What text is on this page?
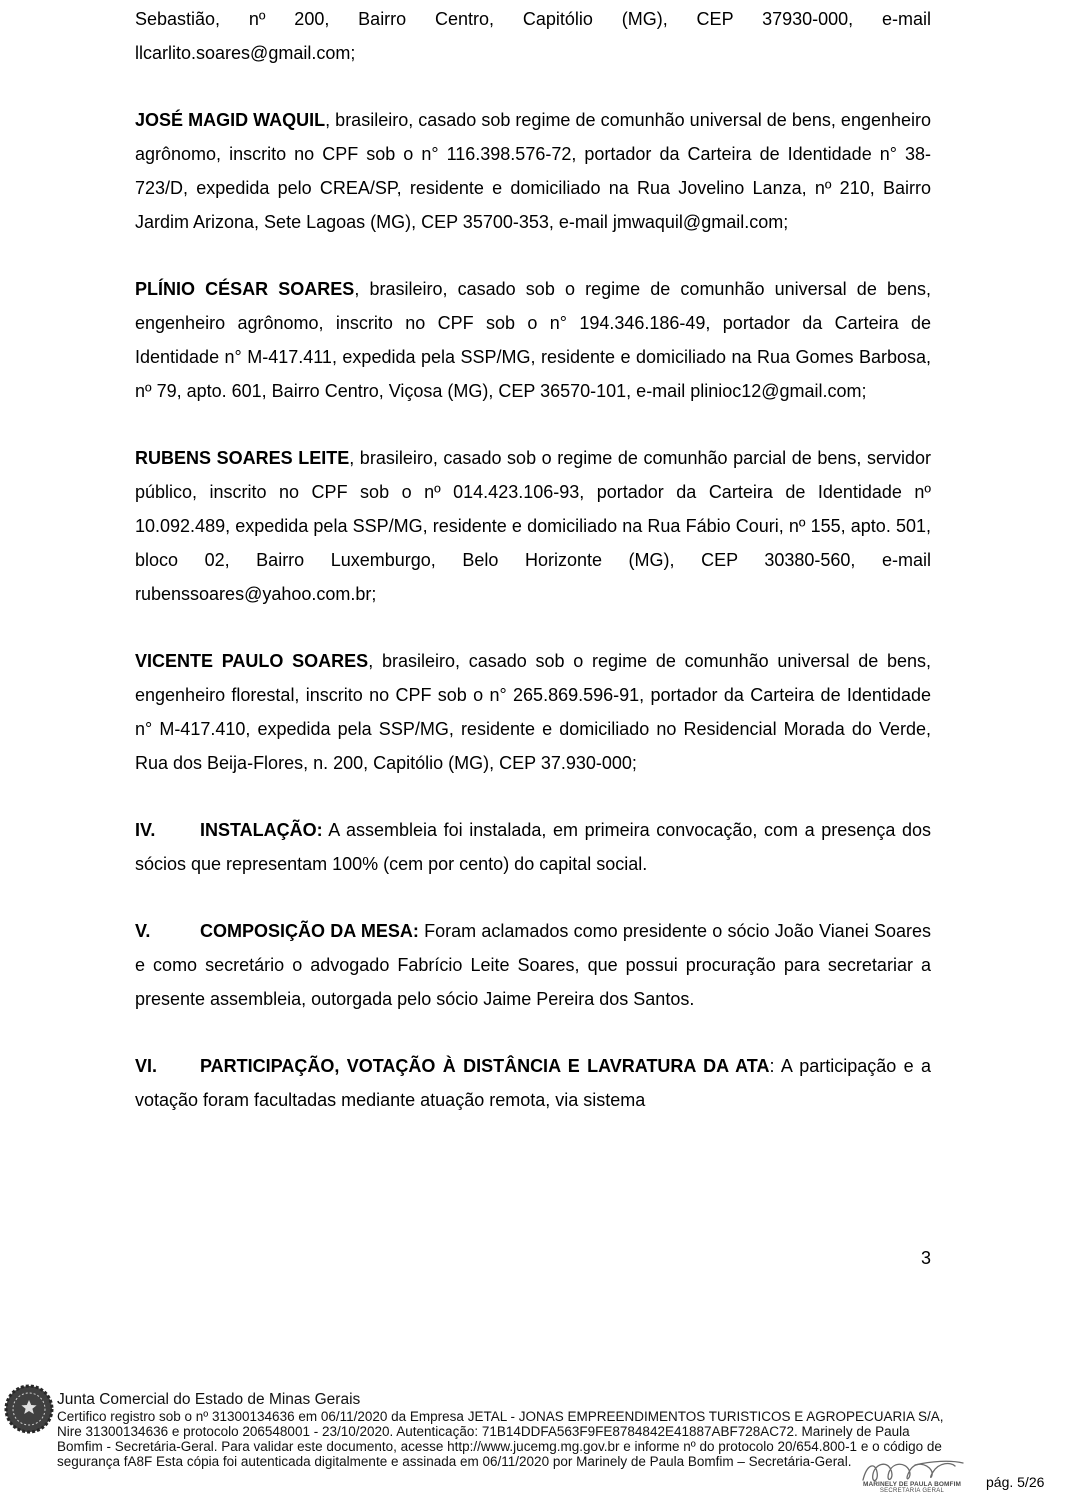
Sebastião, nº 200, Bairro Centro, Capitólio (MG), CEP 37930-000, e-mail llcarlito.soares@gmail.com;

JOSÉ MAGID WAQUIL, brasileiro, casado sob regime de comunhão universal de bens, engenheiro agrônomo, inscrito no CPF sob o n° 116.398.576-72, portador da Carteira de Identidade n° 38-723/D, expedida pelo CREA/SP, residente e domiciliado na Rua Jovelino Lanza, nº 210, Bairro Jardim Arizona, Sete Lagoas (MG), CEP 35700-353, e-mail jmwaquil@gmail.com;

PLÍNIO CÉSAR SOARES, brasileiro, casado sob o regime de comunhão universal de bens, engenheiro agrônomo, inscrito no CPF sob o n° 194.346.186-49, portador da Carteira de Identidade n° M-417.411, expedida pela SSP/MG, residente e domiciliado na Rua Gomes Barbosa, nº 79, apto. 601, Bairro Centro, Viçosa (MG), CEP 36570-101, e-mail plinioc12@gmail.com;

RUBENS SOARES LEITE, brasileiro, casado sob o regime de comunhão parcial de bens, servidor público, inscrito no CPF sob o nº 014.423.106-93, portador da Carteira de Identidade nº 10.092.489, expedida pela SSP/MG, residente e domiciliado na Rua Fábio Couri, nº 155, apto. 501, bloco 02, Bairro Luxemburgo, Belo Horizonte (MG), CEP 30380-560, e-mail rubenssoares@yahoo.com.br;

VICENTE PAULO SOARES, brasileiro, casado sob o regime de comunhão universal de bens, engenheiro florestal, inscrito no CPF sob o n° 265.869.596-91, portador da Carteira de Identidade n° M-417.410, expedida pela SSP/MG, residente e domiciliado no Residencial Morada do Verde, Rua dos Beija-Flores, n. 200, Capitólio (MG), CEP 37.930-000;

IV. INSTALAÇÃO: A assembleia foi instalada, em primeira convocação, com a presença dos sócios que representam 100% (cem por cento) do capital social.

V.	COMPOSIÇÃO DA MESA: Foram aclamados como presidente o sócio João Vianei Soares e como secretário o advogado Fabrício Leite Soares, que possui procuração para secretariar a presente assembleia, outorgada pelo sócio Jaime Pereira dos Santos.

VI. PARTICIPAÇÃO, VOTAÇÃO À DISTÂNCIA E LAVRATURA DA ATA: A participação e a votação foram facultadas mediante atuação remota, via sistema

3
Junta Comercial do Estado de Minas Gerais
Certifico registro sob o nº 31300134636 em 06/11/2020 da Empresa JETAL - JONAS EMPREENDIMENTOS TURISTICOS E AGROPECUARIA S/A,
Nire 31300134636 e protocolo 206548001 - 23/10/2020. Autenticação: 71B14DDFA563F9FE8784842E41887ABF728AC72. Marinely de Paula
Bomfim - Secretária-Geral. Para validar este documento, acesse http://www.jucemg.mg.gov.br e informe nº do protocolo 20/654.800-1 e o código de
segurança fA8F Esta cópia foi autenticada digitalmente e assinada em 06/11/2020 por Marinely de Paula Bomfim – Secretária-Geral.
MARINELY DE PAULA BOMFIM
SECRETARIA GERAL
pág. 5/26
